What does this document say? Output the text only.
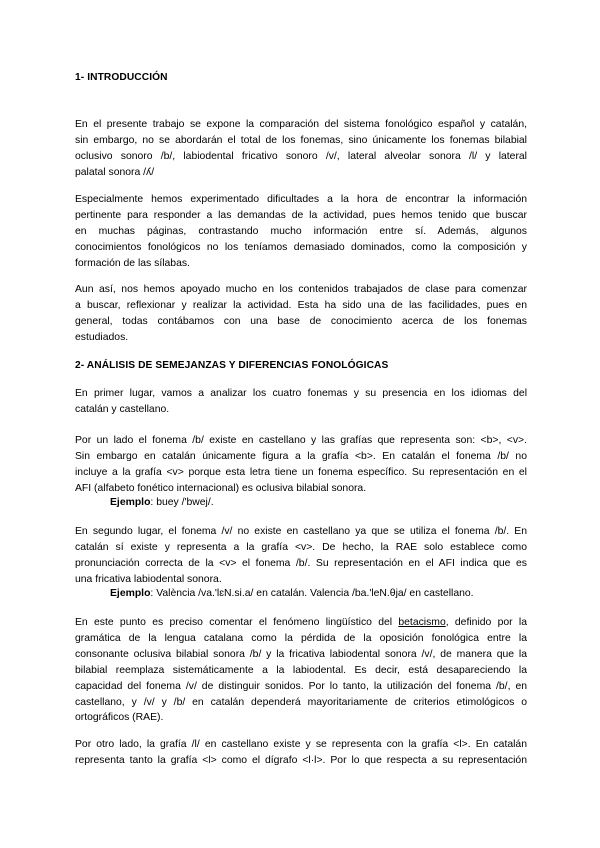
1- INTRODUCCIÓN
En el presente trabajo se expone la comparación del sistema fonológico español y catalán,
sin embargo, no se abordarán el total de los fonemas, sino únicamente los fonemas bilabial
oclusivo sonoro /b/, labiodental fricativo sonoro /v/, lateral alveolar sonora /l/ y lateral
palatal sonora /ʎ/
Especialmente hemos experimentado dificultades a la hora de encontrar la información
pertinente para responder a las demandas de la actividad, pues hemos tenido que buscar
en muchas páginas, contrastando mucho información entre sí. Además, algunos
conocimientos fonológicos no los teníamos demasiado dominados, como la composición y
formación de las sílabas.
Aun así, nos hemos apoyado mucho en los contenidos trabajados de clase para comenzar
a buscar, reflexionar y realizar la actividad. Esta ha sido una de las facilidades, pues en
general, todas contábamos con una base de conocimiento acerca de los fonemas
estudiados.
2- ANÁLISIS DE SEMEJANZAS Y DIFERENCIAS FONOLÓGICAS
En primer lugar, vamos a analizar los cuatro fonemas y su presencia en los idiomas del
catalán y castellano.
Por un lado el fonema /b/ existe en castellano y las grafías que representa son: <b>, <v>.
Sin embargo en catalán únicamente figura a la grafía <b>. En catalán el fonema /b/ no
incluye a la grafía <v> porque esta letra tiene un fonema específico. Su representación en el
AFI (alfabeto fonético internacional) es oclusiva bilabial sonora.
Ejemplo: buey /'bwej/.
En segundo lugar, el fonema /v/ no existe en castellano ya que se utiliza el fonema /b/. En
catalán sí existe y representa a la grafía <v>. De hecho, la RAE solo establece como
pronunciación correcta de la <v> el fonema /b/. Su representación en el AFI indica que es
una fricativa labiodental sonora.
Ejemplo: València /va.'lɛN.si.a/ en catalán. Valencia /ba.'leN.θja/ en castellano.
En este punto es preciso comentar el fenómeno lingüístico del betacismo, definido por la
gramática de la lengua catalana como la pérdida de la oposición fonológica entre la
consonante oclusiva bilabial sonora /b/ y la fricativa labiodental sonora /v/, de manera que la
bilabial reemplaza sistemáticamente a la labiodental. Es decir, está desapareciendo la
capacidad del fonema /v/ de distinguir sonidos. Por lo tanto, la utilización del fonema /b/, en
castellano, y /v/ y /b/ en catalán dependerá mayoritariamente de criterios etimológicos o
ortográficos (RAE).
Por otro lado, la grafía /l/ en castellano existe y se representa con la grafía <l>. En catalán
representa tanto la grafía <l> como el dígrafo <l·l>. Por lo que respecta a su representación
